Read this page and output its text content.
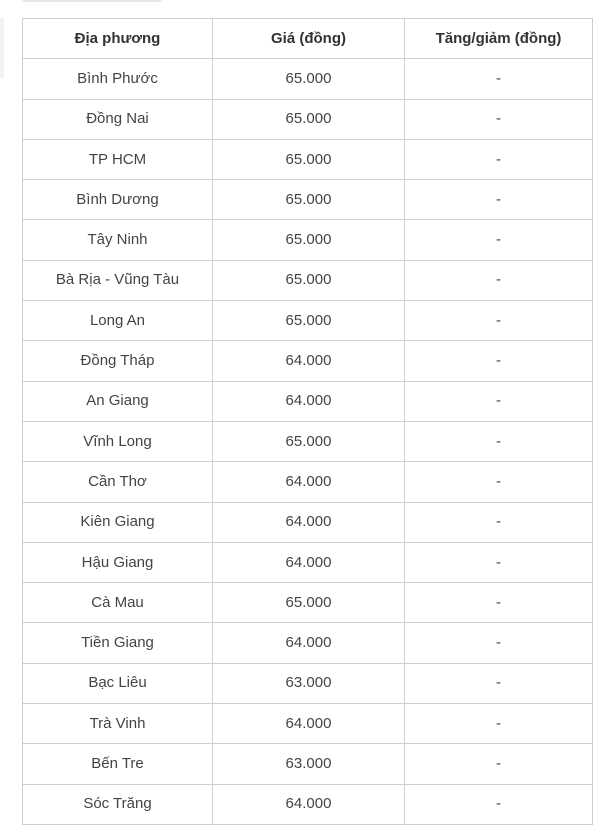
Địa phương	Giá (đồng)	Tăng/giảm (đồng)
Bình Phước	65.000	-
Đồng Nai	65.000	-
TP HCM	65.000	-
Bình Dương	65.000	-
Tây Ninh	65.000	-
Bà Rịa - Vũng Tàu	65.000	-
Long An	65.000	-
Đồng Tháp	64.000	-
An Giang	64.000	-
Vĩnh Long	65.000	-
Cần Thơ	64.000	-
Kiên Giang	64.000	-
Hậu Giang	64.000	-
Cà Mau	65.000	-
Tiền Giang	64.000	-
Bạc Liêu	63.000	-
Trà Vinh	64.000	-
Bến Tre	63.000	-
Sóc Trăng	64.000	-
